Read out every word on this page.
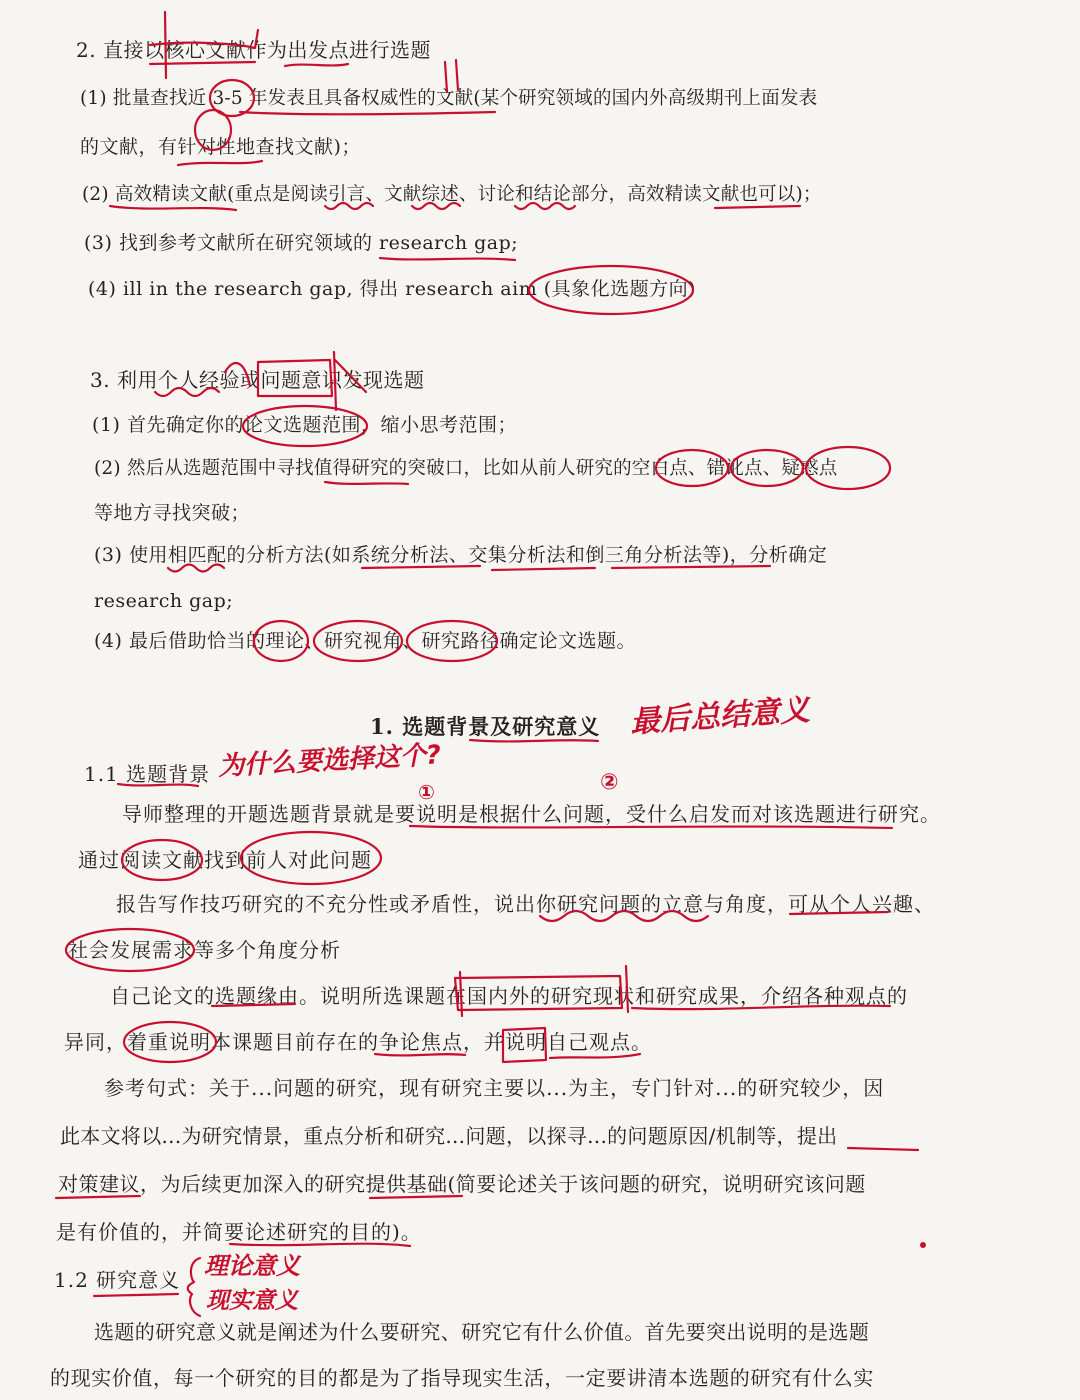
2. 直接以核心文献作为出发点进行选题
(1) 批量查找近 3-5 年发表且具备权威性的文献(某个研究领域的国内外高级期刊上面发表
的文献，有针对性地查找文献)；
(2) 高效精读文献(重点是阅读引言、文献综述、讨论和结论部分，高效精读文献也可以)；
(3) 找到参考文献所在研究领域的 research gap;
(4) ill in the research gap, 得出 research aim (具象化选题方向)
3. 利用个人经验或问题意识发现选题
(1) 首先确定你的论文选题范围，缩小思考范围；
(2) 然后从选题范围中寻找值得研究的突破口，比如从前人研究的空白点、错讹点、疑惑点
等地方寻找突破；
(3) 使用相匹配的分析方法(如系统分析法、交集分析法和倒三角分析法等)，分析确定
research gap;
(4) 最后借助恰当的理论、研究视角、研究路径确定论文选题。
1. 选题背景及研究意义 最后总结意义
1.1 选题背景 为什么要选择这个?
①	②
导师整理的开题选题背景就是要说明是根据什么问题，受什么启发而对该选题进行研究。
通过阅读文献找到前人对此问题
报告写作技巧研究的不充分性或矛盾性，说出你研究问题的立意与角度，可从个人兴趣、
社会发展需求等多个角度分析
自己论文的选题缘由。说明所选课题在国内外的研究现状和研究成果，介绍各种观点的
异同，着重说明本课题目前存在的争论焦点，并说明自己观点。
参考句式：关于...问题的研究，现有研究主要以...为主，专门针对...的研究较少，因
此本文将以...为研究情景，重点分析和研究...问题，以探寻...的问题原因/机制等，提出
对策建议，为后续更加深入的研究提供基础(简要论述关于该问题的研究，说明研究该问题
是有价值的，并简要论述研究的目的)。
1.2 研究意义 理论意义
现实意义
选题的研究意义就是阐述为什么要研究、研究它有什么价值。首先要突出说明的是选题
的现实价值，每一个研究的目的都是为了指导现实生活，一定要讲清本选题的研究有什么实
